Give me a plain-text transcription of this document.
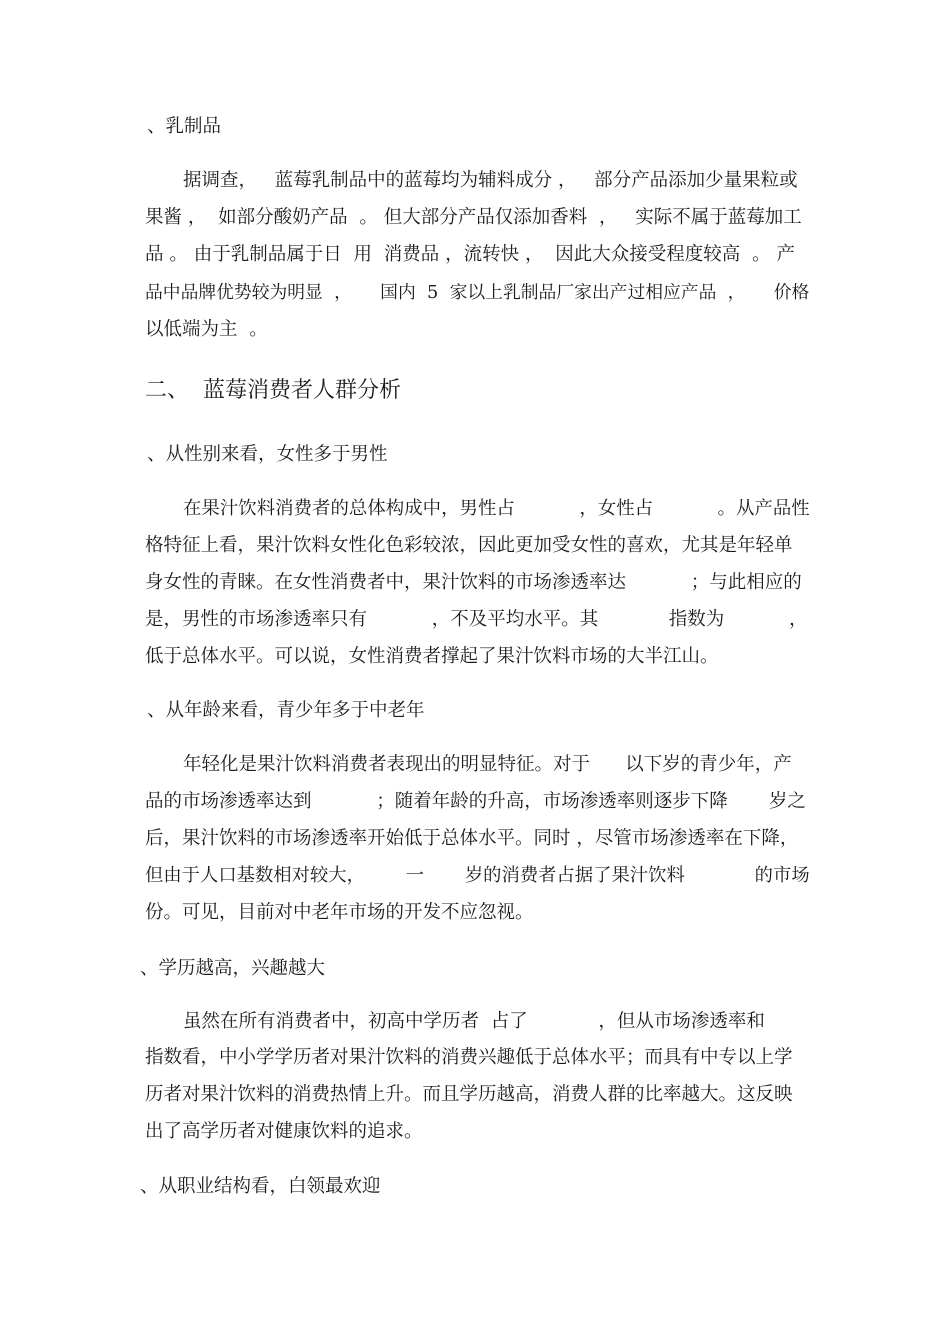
、乳制品
据调查，   蓝莓乳制品中的蓝莓均为辅料成分 ，   部分产品添加少量果粒或
果酱 ，  如部分酸奶产品  。 但大部分产品仅添加香料  ，   实际不属于蓝莓加工
品 。 由于乳制品属于日  用  消费品 ，流转快 ，  因此大众接受程度较高  。 产
品中品牌优势较为明显  ，     国内  5  家以上乳制品厂家出产过相应产品  ，     价格
以低端为主  。
二、  蓝莓消费者人群分析
、从性别来看，女性多于男性
在果汁饮料消费者的总体构成中，男性占           ，女性占           。从产品性
格特征上看，果汁饮料女性化色彩较浓，因此更加受女性的喜欢，尤其是年轻单
身女性的青睐。在女性消费者中，果汁饮料的市场渗透率达           ；与此相应的
是，男性的市场渗透率只有           ，不及平均水平。其            指数为           ，
低于总体水平。可以说，女性消费者撑起了果汁饮料市场的大半江山。
、从年龄来看，青少年多于中老年
年轻化是果汁饮料消费者表现出的明显特征。对于      以下岁的青少年，产
品的市场渗透率达到           ；随着年龄的升高，市场渗透率则逐步下降       岁之
后，果汁饮料的市场渗透率开始低于总体水平。同时 ，尽管市场渗透率在下降，
但由于人口基数相对较大，       一       岁的消费者占据了果汁饮料            的市场
份。可见，目前对中老年市场的开发不应忽视。
、学历越高，兴趣越大
虽然在所有消费者中，初高中学历者  占了            ，但从市场渗透率和
指数看，中小学学历者对果汁饮料的消费兴趣低于总体水平；而具有中专以上学
历者对果汁饮料的消费热情上升。而且学历越高，消费人群的比率越大。这反映
出了高学历者对健康饮料的追求。
、从职业结构看，白领最欢迎
